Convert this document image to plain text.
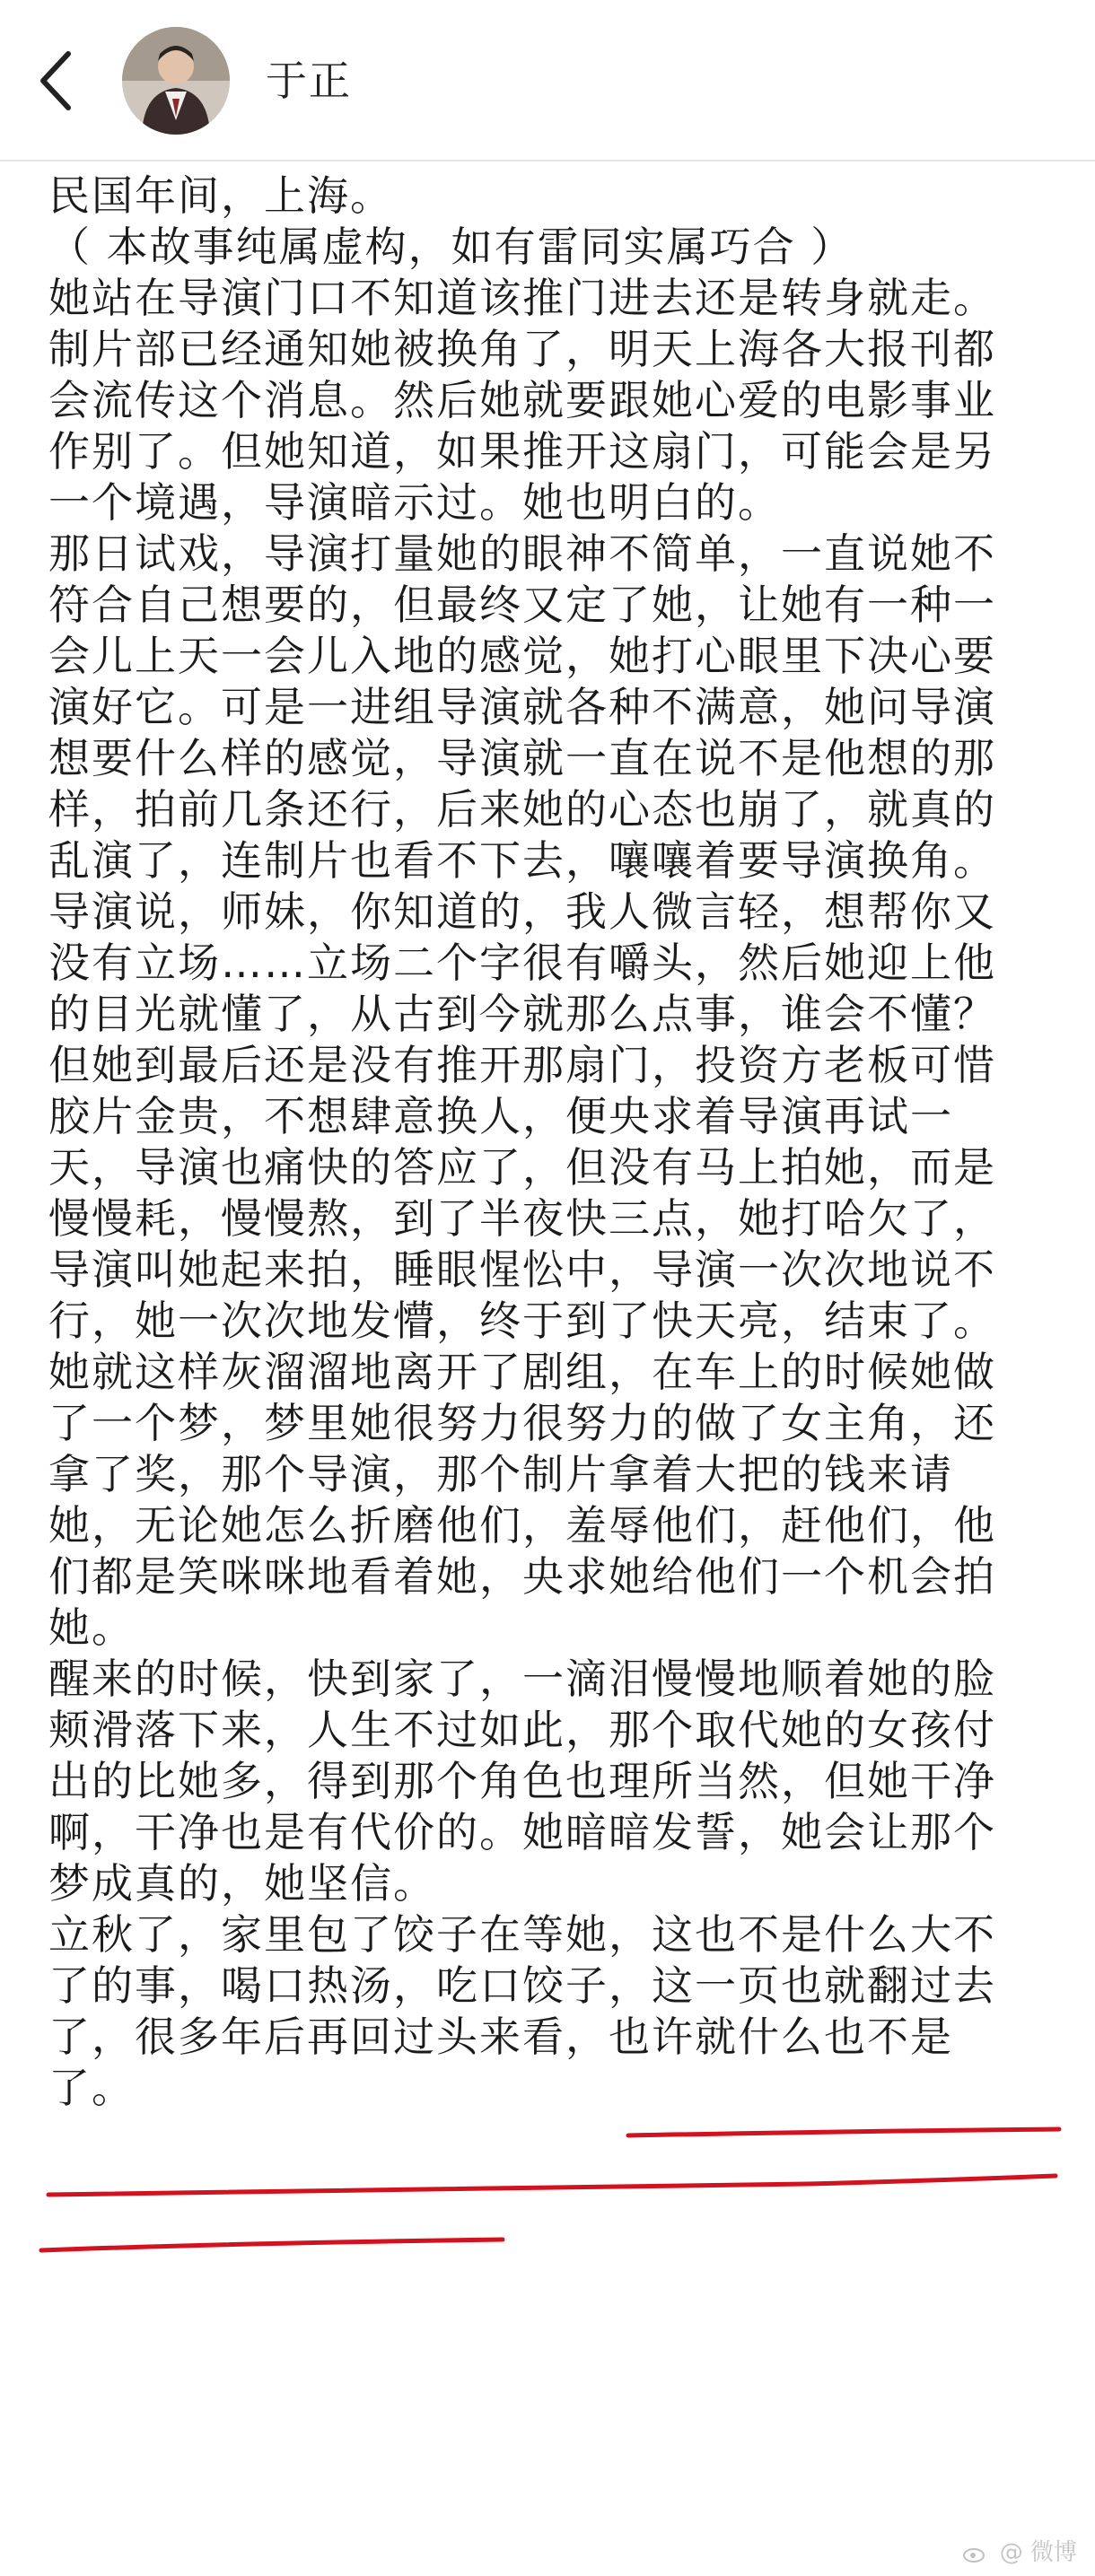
于正
民国年间，上海。
（ 本故事纯属虚构，如有雷同实属巧合 ）
她站在导演门口不知道该推门进去还是转身就走。
制片部已经通知她被换角了，明天上海各大报刊都
会流传这个消息。然后她就要跟她心爱的电影事业
作别了。但她知道，如果推开这扇门，可能会是另
一个境遇，导演暗示过。她也明白的。
那日试戏，导演打量她的眼神不简单，一直说她不
符合自己想要的，但最终又定了她，让她有一种一
会儿上天一会儿入地的感觉，她打心眼里下决心要
演好它。可是一进组导演就各种不满意，她问导演
想要什么样的感觉，导演就一直在说不是他想的那
样，拍前几条还行，后来她的心态也崩了，就真的
乱演了，连制片也看不下去，嚷嚷着要导演换角。
导演说，师妹，你知道的，我人微言轻，想帮你又
没有立场……立场二个字很有嚼头，然后她迎上他
的目光就懂了，从古到今就那么点事，谁会不懂？
但她到最后还是没有推开那扇门，投资方老板可惜
胶片金贵，不想肆意换人，便央求着导演再试一
天，导演也痛快的答应了，但没有马上拍她，而是
慢慢耗，慢慢熬，到了半夜快三点，她打哈欠了，
导演叫她起来拍，睡眼惺忪中，导演一次次地说不
行，她一次次地发懵，终于到了快天亮，结束了。
她就这样灰溜溜地离开了剧组，在车上的时候她做
了一个梦，梦里她很努力很努力的做了女主角，还
拿了奖，那个导演，那个制片拿着大把的钱来请
她，无论她怎么折磨他们，羞辱他们，赶他们，他
们都是笑咪咪地看着她，央求她给他们一个机会拍
她。
醒来的时候，快到家了，一滴泪慢慢地顺着她的脸
颊滑落下来，人生不过如此，那个取代她的女孩付
出的比她多，得到那个角色也理所当然，但她干净
啊，干净也是有代价的。她暗暗发誓，她会让那个
梦成真的，她坚信。
立秋了，家里包了饺子在等她，这也不是什么大不
了的事，喝口热汤，吃口饺子，这一页也就翻过去
了，很多年后再回过头来看，也许就什么也不是
了。
@ 微博
